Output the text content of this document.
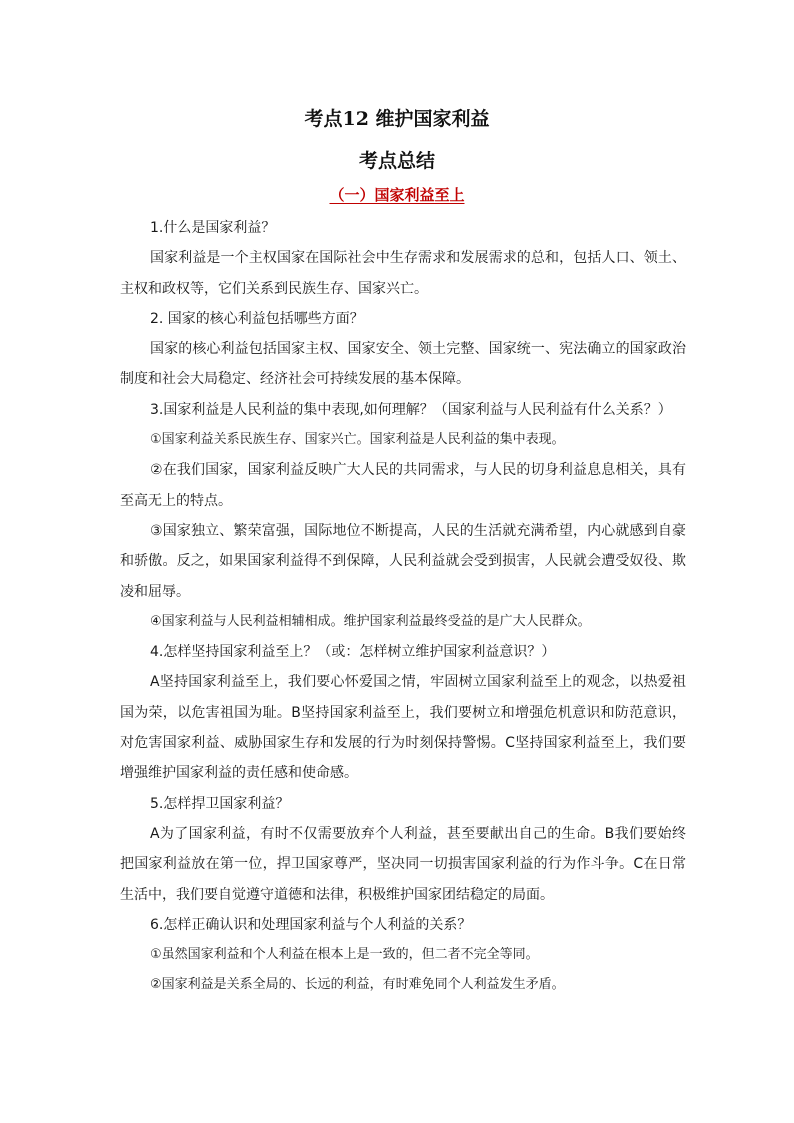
考点12 维护国家利益
考点总结
（一）国家利益至上

1.什么是国家利益？

国家利益是一个主权国家在国际社会中生存需求和发展需求的总和，包括人口、领土、主权和政权等，它们关系到民族生存、国家兴亡。

2. 国家的核心利益包括哪些方面？

国家的核心利益包括国家主权、国家安全、领土完整、国家统一、宪法确立的国家政治制度和社会大局稳定、经济社会可持续发展的基本保障。

3.国家利益是人民利益的集中表现,如何理解？（国家利益与人民利益有什么关系？）

①国家利益关系民族生存、国家兴亡。国家利益是人民利益的集中表现。

②在我们国家，国家利益反映广大人民的共同需求，与人民的切身利益息息相关，具有至高无上的特点。

③国家独立、繁荣富强，国际地位不断提高，人民的生活就充满希望，内心就感到自豪和骄傲。反之，如果国家利益得不到保障，人民利益就会受到损害，人民就会遭受奴役、欺凌和屈辱。

④国家利益与人民利益相辅相成。维护国家利益最终受益的是广大人民群众。

4.怎样坚持国家利益至上？（或：怎样树立维护国家利益意识？）

A坚持国家利益至上，我们要心怀爱国之情，牢固树立国家利益至上的观念，以热爱祖国为荣，以危害祖国为耻。B坚持国家利益至上，我们要树立和增强危机意识和防范意识，对危害国家利益、威胁国家生存和发展的行为时刻保持警惕。C坚持国家利益至上，我们要增强维护国家利益的责任感和使命感。

5.怎样捍卫国家利益？

A为了国家利益，有时不仅需要放弃个人利益，甚至要献出自己的生命。B我们要始终把国家利益放在第一位，捍卫国家尊严，坚决同一切损害国家利益的行为作斗争。C在日常生活中，我们要自觉遵守道德和法律，积极维护国家团结稳定的局面。

6.怎样正确认识和处理国家利益与个人利益的关系？

①虽然国家利益和个人利益在根本上是一致的，但二者不完全等同。

②国家利益是关系全局的、长远的利益，有时难免同个人利益发生矛盾。
